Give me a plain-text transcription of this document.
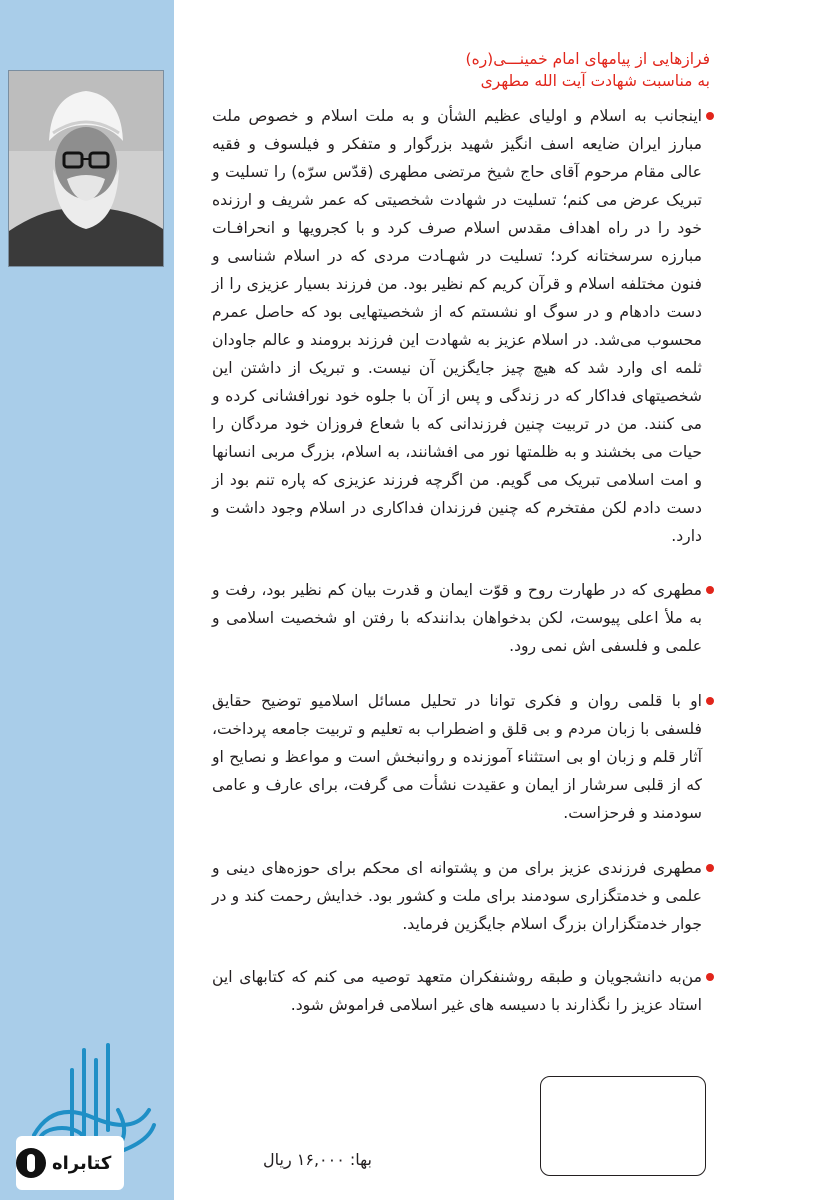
کتابراه

فرازهایی از پیامهای امام خمینـــی(ره)

به مناسبت شهادت آیت الله مطهری

اینجانب به اسلام و اولیای عظیم الشأن و به ملت اسلام و خصوص ملت مبارز ایران ضایعه اسف انگیز شهید بزرگوار و متفکر و فیلسوف و فقیه عالی مقام مرحوم آقای حاج شیخ مرتضی مطهری (قدّس سرّه) را تسلیت و تبریک عرض می کنم؛ تسلیت در شهادت شخصیتی که عمر شریف و ارزنده خود را در راه اهداف مقدس اسلام صرف کرد و با کجرویها و انحرافـات مبارزه سرسختانه کرد؛ تسلیت در شهـادت مردی که در اسلام شناسی و فنون مختلفه اسلام و قرآن کریم کم نظیر بود. من فرزند بسیار عزیزی را از دست دادهام و در سوگ او نشستم که از شخصیتهایی بود که حاصل عمرم محسوب می‌شد. در اسلام عزیز به شهادت این فرزند برومند و عالم جاودان ثلمه ای وارد شد که هیچ چیز جایگزین آن نیست. و تبریک از داشتن این شخصیتهای فداکار که در زندگی و پس از آن با جلوه خود نورافشانی کرده و می کنند. من در تربیت چنین فرزندانی که با شعاع فروزان خود مردگان را حیات می بخشند و به ظلمتها نور می افشانند، به اسلام، بزرگ مربی انسانها و امت اسلامی تبریک می گویم. من اگرچه فرزند عزیزی که پاره تنم بود از دست دادم لکن مفتخرم که چنین فرزندان فداکاری در اسلام وجود داشت و دارد.

مطهری که در طهارت روح و قوّت ایمان و قدرت بیان کم نظیر بود، رفت و به ملأ اعلی پیوست، لکن بدخواهان بدانندکه با رفتن او شخصیت اسلامی و علمی و فلسفی اش نمی رود.

او با قلمی روان و فکری توانا در تحلیل مسائل اسلامیو توضیح حقایق فلسفی با زبان مردم و بی قلق و اضطراب به تعلیم و تربیت جامعه پرداخت، آثار قلم و زبان او بی استثناء آموزنده و روانبخش است و مواعظ و نصایح او که از قلبی سرشار از ایمان و عقیدت نشأت می گرفت، برای عارف و عامی سودمند و فرحزاست.

مطهری فرزندی عزیز برای من و پشتوانه ای محکم برای حوزه‌های دینی و علمی و خدمتگزاری سودمند برای ملت و کشور بود. خدایش رحمت کند و در جوار خدمتگزاران بزرگ اسلام جایگزین فرماید.

من‌به دانشجویان و طبقه روشنفکران متعهد توصیه می کنم که کتابهای این استاد عزیز را نگذارند با دسیسه های غیر اسلامی فراموش شود.

بها: ۱۶,۰۰۰ ریال
